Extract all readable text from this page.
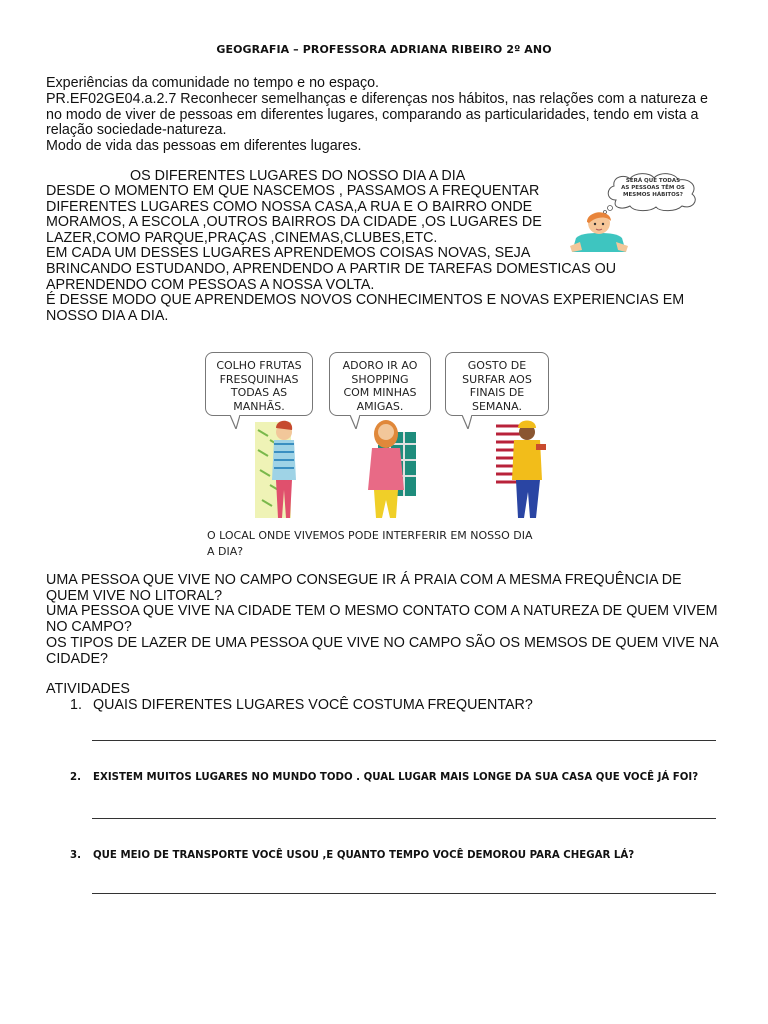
GEOGRAFIA – PROFESSORA ADRIANA RIBEIRO 2º ANO
Experiências da comunidade no tempo e no espaço.
PR.EF02GE04.a.2.7 Reconhecer semelhanças e diferenças nos hábitos, nas relações com a natureza e
no modo de viver de pessoas em diferentes lugares, comparando as particularidades, tendo em vista a
relação sociedade-natureza.
Modo de vida das pessoas em diferentes lugares.
OS DIFERENTES LUGARES DO NOSSO DIA A DIA
DESDE O MOMENTO EM QUE NASCEMOS , PASSAMOS A FREQUENTAR
DIFERENTES LUGARES COMO NOSSA CASA,A RUA E O BAIRRO ONDE
MORAMOS, A ESCOLA ,OUTROS BAIRROS DA CIDADE ,OS LUGARES DE
LAZER,COMO PARQUE,PRAÇAS ,CINEMAS,CLUBES,ETC.
EM CADA UM DESSES LUGARES APRENDEMOS COISAS NOVAS, SEJA
BRINCANDO ESTUDANDO, APRENDENDO A PARTIR DE TAREFAS DOMESTICAS OU
APRENDENDO COM PESSOAS A NOSSA VOLTA.
É DESSE MODO QUE APRENDEMOS NOVOS CONHECIMENTOS E NOVAS EXPERIENCIAS EM
NOSSO DIA A DIA.
SERÁ QUE TODAS
AS PESSOAS TÊM OS
MESMOS HÁBITOS?
COLHO FRUTAS
FRESQUINHAS
TODAS AS
MANHÃS.
ADORO IR AO
SHOPPING
COM MINHAS
AMIGAS.
GOSTO DE
SURFAR AOS
FINAIS DE
SEMANA.
O LOCAL ONDE VIVEMOS PODE INTERFERIR EM NOSSO DIA
A DIA?
UMA PESSOA QUE VIVE NO CAMPO CONSEGUE IR Á PRAIA COM A MESMA FREQUÊNCIA DE
QUEM VIVE NO LITORAL?
UMA PESSOA QUE VIVE NA CIDADE TEM O MESMO CONTATO COM A NATUREZA DE QUEM VIVEM
NO CAMPO?
OS TIPOS DE LAZER DE UMA PESSOA QUE VIVE NO CAMPO SÃO OS MEMSOS DE QUEM VIVE NA
CIDADE?
ATIVIDADES
1. QUAIS DIFERENTES LUGARES VOCÊ COSTUMA FREQUENTAR?
2. EXISTEM MUITOS LUGARES NO MUNDO TODO . QUAL LUGAR MAIS LONGE DA SUA CASA QUE VOCÊ JÁ FOI?
3. QUE MEIO DE TRANSPORTE VOCÊ USOU ,E QUANTO TEMPO VOCÊ DEMOROU PARA CHEGAR LÁ?
